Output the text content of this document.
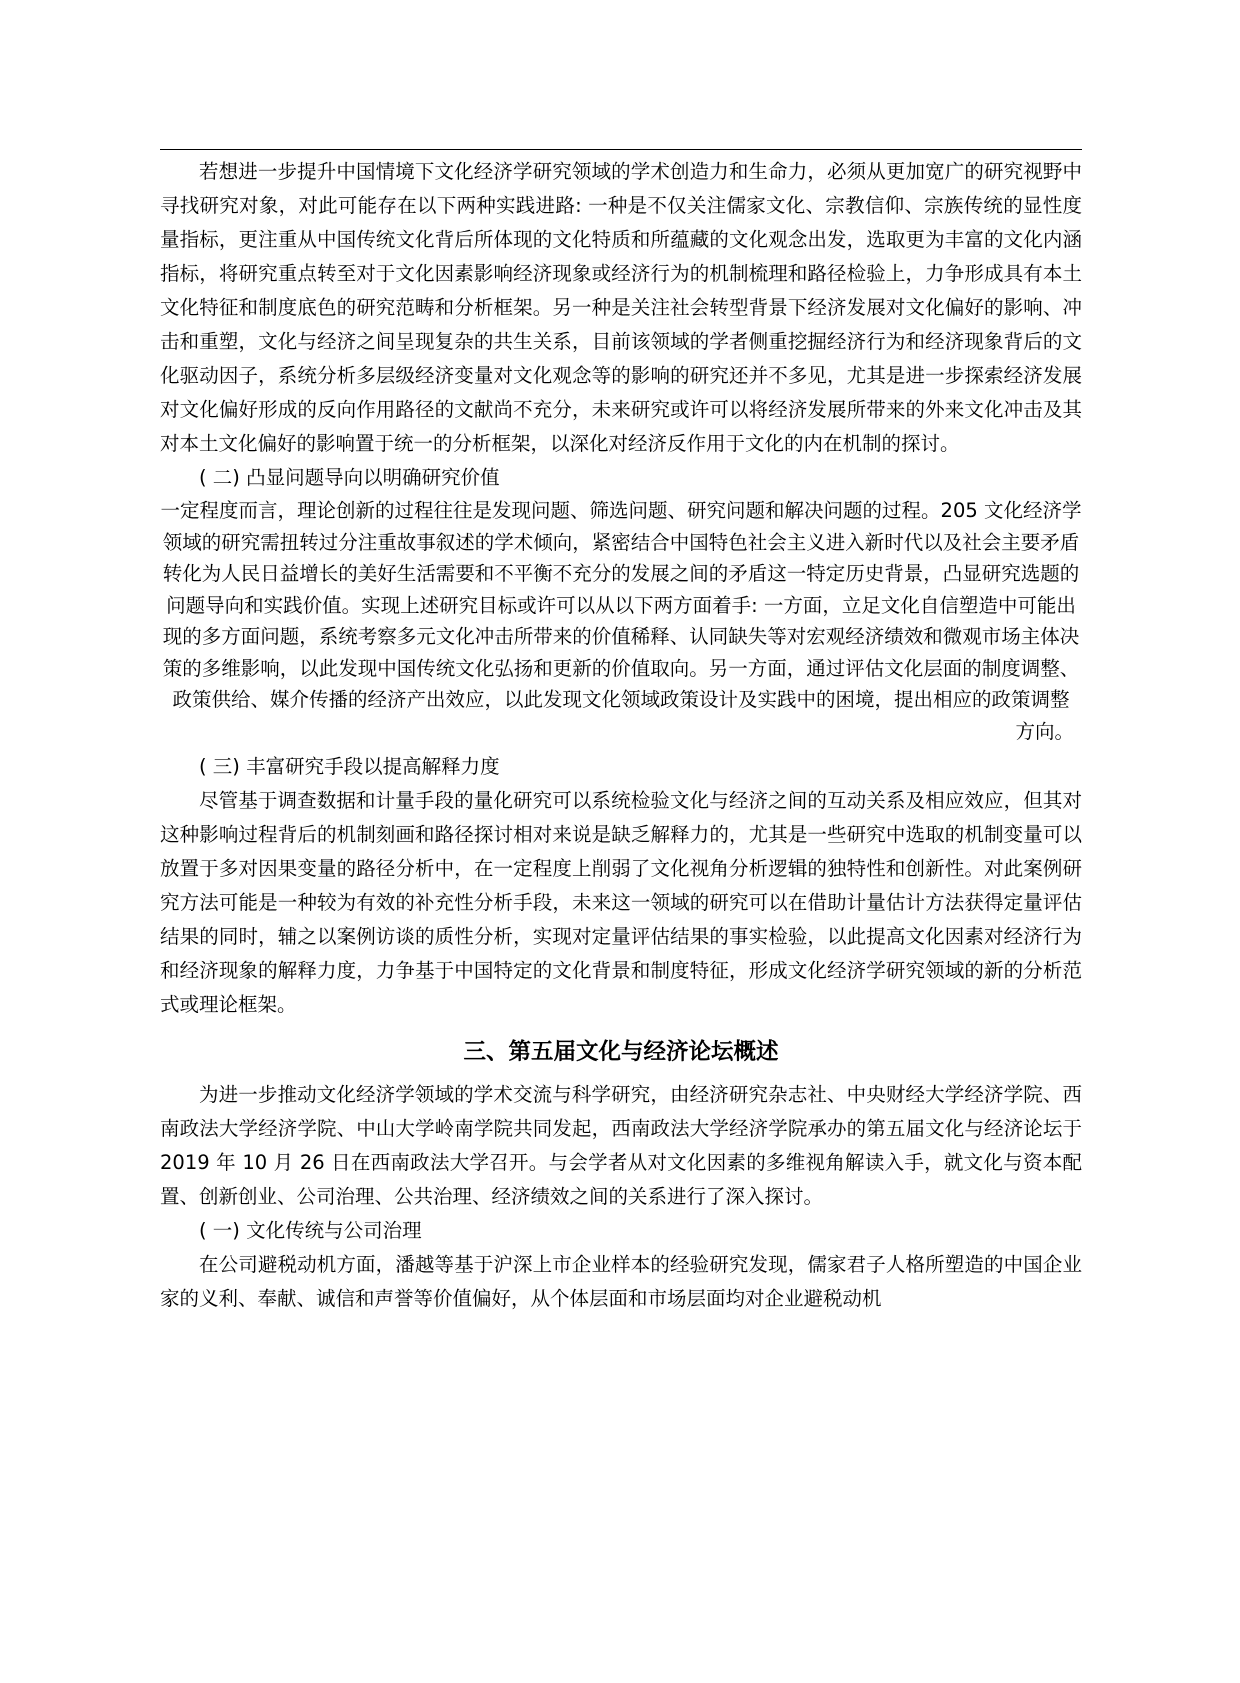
若想进一步提升中国情境下文化经济学研究领域的学术创造力和生命力，必须从更加宽广的研究视野中寻找研究对象，对此可能存在以下两种实践进路: 一种是不仅关注儒家文化、宗教信仰、宗族传统的显性度量指标，更注重从中国传统文化背后所体现的文化特质和所蕴藏的文化观念出发，选取更为丰富的文化内涵指标，将研究重点转至对于文化因素影响经济现象或经济行为的机制梳理和路径检验上，力争形成具有本土文化特征和制度底色的研究范畴和分析框架。另一种是关注社会转型背景下经济发展对文化偏好的影响、冲击和重塑，文化与经济之间呈现复杂的共生关系，目前该领域的学者侧重挖掘经济行为和经济现象背后的文化驱动因子，系统分析多层级经济变量对文化观念等的影响的研究还并不多见，尤其是进一步探索经济发展对文化偏好形成的反向作用路径的文献尚不充分，未来研究或许可以将经济发展所带来的外来文化冲击及其对本土文化偏好的影响置于统一的分析框架，以深化对经济反作用于文化的内在机制的探讨。

( 二) 凸显问题导向以明确研究价值

一定程度而言，理论创新的过程往往是发现问题、筛选问题、研究问题和解决问题的过程。205 文化经济学领域的研究需扭转过分注重故事叙述的学术倾向，紧密结合中国特色社会主义进入新时代以及社会主要矛盾转化为人民日益增长的美好生活需要和不平衡不充分的发展之间的矛盾这一特定历史背景，凸显研究选题的问题导向和实践价值。实现上述研究目标或许可以从以下两方面着手: 一方面，立足文化自信塑造中可能出现的多方面问题，系统考察多元文化冲击所带来的价值稀释、认同缺失等对宏观经济绩效和微观市场主体决策的多维影响，以此发现中国传统文化弘扬和更新的价值取向。另一方面，通过评估文化层面的制度调整、政策供给、媒介传播的经济产出效应，以此发现文化领域政策设计及实践中的困境，提出相应的政策调整

方向。

( 三) 丰富研究手段以提高解释力度

尽管基于调查数据和计量手段的量化研究可以系统检验文化与经济之间的互动关系及相应效应，但其对这种影响过程背后的机制刻画和路径探讨相对来说是缺乏解释力的，尤其是一些研究中选取的机制变量可以放置于多对因果变量的路径分析中，在一定程度上削弱了文化视角分析逻辑的独特性和创新性。对此案例研究方法可能是一种较为有效的补充性分析手段，未来这一领域的研究可以在借助计量估计方法获得定量评估结果的同时，辅之以案例访谈的质性分析，实现对定量评估结果的事实检验，以此提高文化因素对经济行为和经济现象的解释力度，力争基于中国特定的文化背景和制度特征，形成文化经济学研究领域的新的分析范式或理论框架。

三、第五届文化与经济论坛概述

为进一步推动文化经济学领域的学术交流与科学研究，由经济研究杂志社、中央财经大学经济学院、西南政法大学经济学院、中山大学岭南学院共同发起，西南政法大学经济学院承办的第五届文化与经济论坛于 2019 年 10 月 26 日在西南政法大学召开。与会学者从对文化因素的多维视角解读入手，就文化与资本配置、创新创业、公司治理、公共治理、经济绩效之间的关系进行了深入探讨。

( 一) 文化传统与公司治理

在公司避税动机方面，潘越等基于沪深上市企业样本的经验研究发现，儒家君子人格所塑造的中国企业家的义利、奉献、诚信和声誉等价值偏好，从个体层面和市场层面均对企业避税动机
